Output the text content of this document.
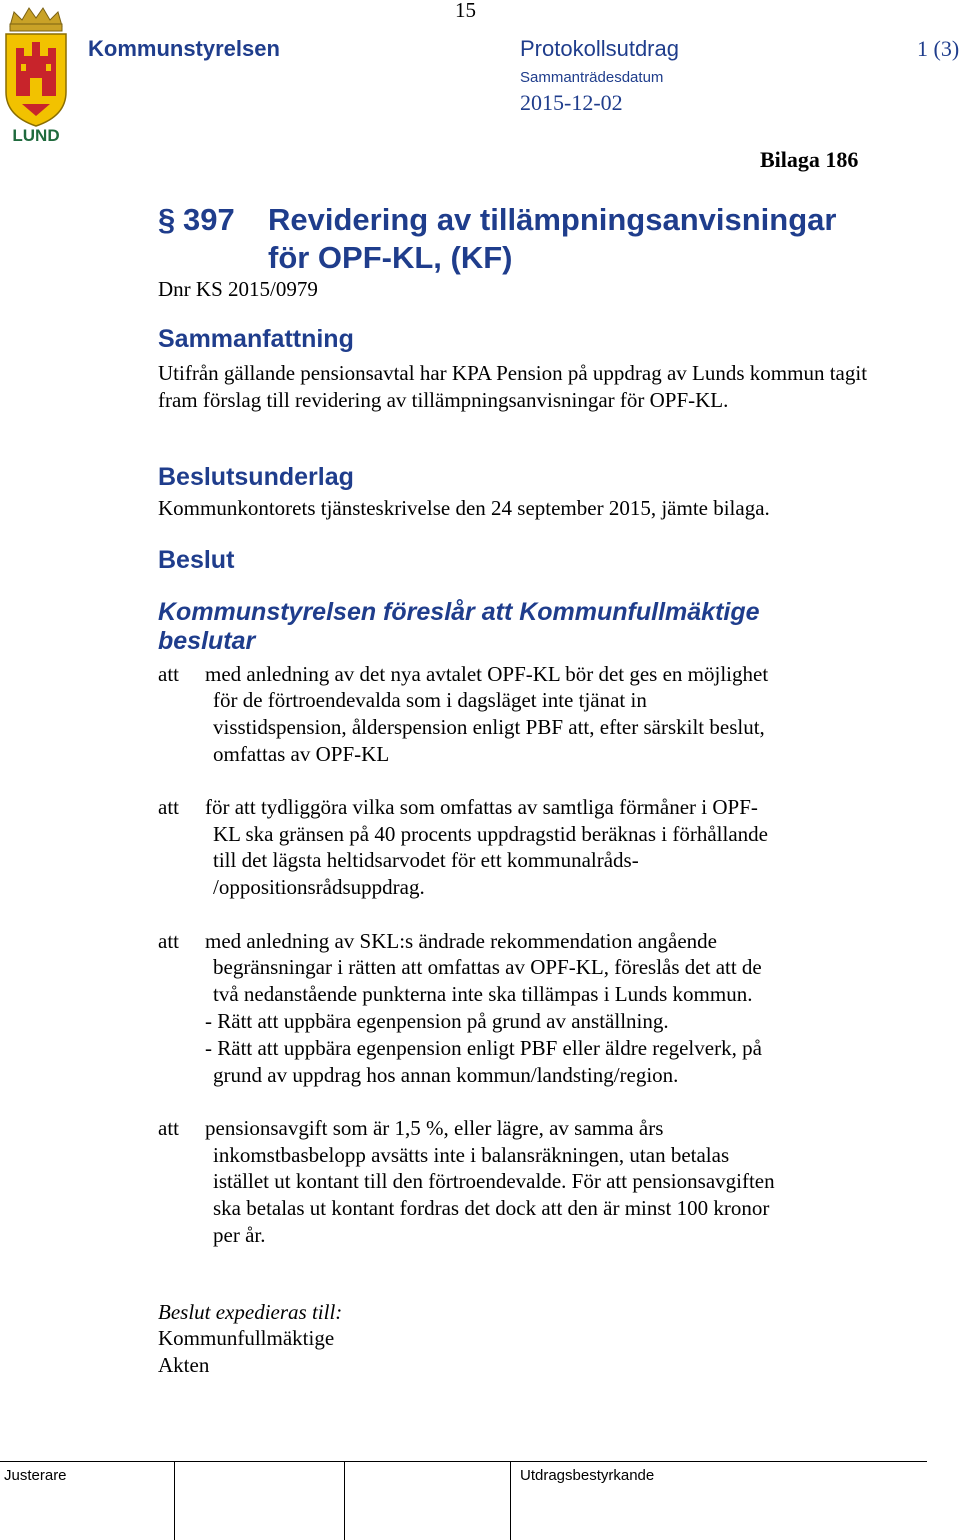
LUND
15
Kommunstyrelsen	Protokollsutdrag	1 (3)
Sammanträdesdatum
2015-12-02
Bilaga 186
§ 397 Revidering av tillämpningsanvisningar
för OPF-KL, (KF)
Dnr KS 2015/0979
Sammanfattning
Utifrån gällande pensionsavtal har KPA Pension på uppdrag av Lunds kommun tagit fram förslag till revidering av tillämpningsanvisningar för OPF-KL.
Beslutsunderlag
Kommunkontorets tjänsteskrivelse den 24 september 2015, jämte bilaga.
Beslut
Kommunstyrelsen föreslår att Kommunfullmäktige beslutar
att med anledning av det nya avtalet OPF-KL bör det ges en möjlighet
för de förtroendevalda som i dagsläget inte tjänat in
visstidspension, ålderspension enligt PBF att, efter särskilt beslut,
omfattas av OPF-KL
att för att tydliggöra vilka som omfattas av samtliga förmåner i OPF-
KL ska gränsen på 40 procents uppdragstid beräknas i förhållande
till det lägsta heltidsarvodet för ett kommunalråds-
/oppositionsrådsuppdrag.
att med anledning av SKL:s ändrade rekommendation angående
begränsningar i rätten att omfattas av OPF-KL, föreslås det att de
två nedanstående punkterna inte ska tillämpas i Lunds kommun.
- Rätt att uppbära egenpension på grund av anställning.
- Rätt att uppbära egenpension enligt PBF eller äldre regelverk, på
grund av uppdrag hos annan kommun/landsting/region.
att pensionsavgift som är 1,5 %, eller lägre, av samma års
inkomstbasbelopp avsätts inte i balansräkningen, utan betalas
istället ut kontant till den förtroendevalde. För att pensionsavgiften
ska betalas ut kontant fordras det dock att den är minst 100 kronor
per år.
Beslut expedieras till:
Kommunfullmäktige
Akten
Justerare	Utdragsbestyrkande
